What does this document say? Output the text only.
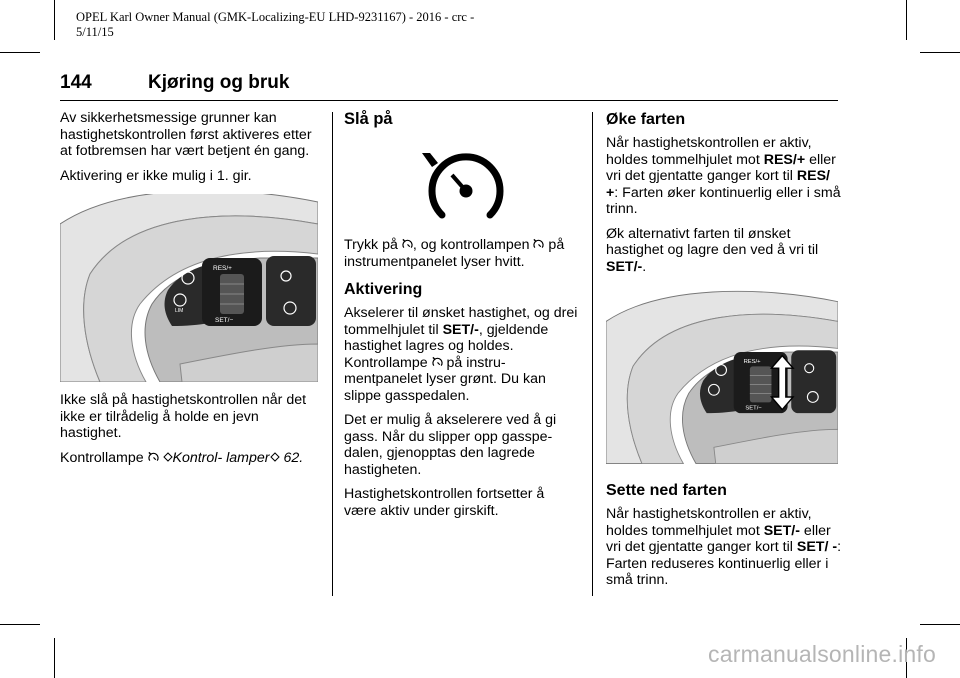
OPEL Karl Owner Manual (GMK-Localizing-EU LHD-9231167) - 2016 - crc -
5/11/15
144	Kjøring og bruk

Av sikkerhetsmessige grunner kan hastighetskontrollen først aktiveres etter at fotbremsen har vært betjent én gang.

Aktivering er ikke mulig i 1. gir.

RES/+
SET/−
LIM

Ikke slå på hastighetskontrollen når det ikke er tilrådelig å holde en jevn hastighet.

Kontrollampe  Kontrol- lamper 62.

Slå på

Trykk på , og kontrollampen  på instrumentpanelet lyser hvitt.

Aktivering

Akselerer til ønsket hastighet, og drei tommelhjulet til SET/-, gjeldende hastighet lagres og holdes. Kontrollampe  på instru- mentpanelet lyser grønt. Du kan slippe gasspedalen.

Det er mulig å akselerere ved å gi gass. Når du slipper opp gasspe- dalen, gjenopptas den lagrede hastigheten.

Hastighetskontrollen fortsetter å være aktiv under girskift.

Øke farten

Når hastighetskontrollen er aktiv, holdes tommelhjulet mot RES/+ eller vri det gjentatte ganger kort til RES/ +: Farten øker kontinuerlig eller i små trinn.

Øk alternativt farten til ønsket hastighet og lagre den ved å vri til SET/-.

RES/+
SET/−
Sette ned farten

Når hastighetskontrollen er aktiv, holdes tommelhjulet mot SET/- eller vri det gjentatte ganger kort til SET/ -: Farten reduseres kontinuerlig eller i små trinn.

carmanualsonline.info
